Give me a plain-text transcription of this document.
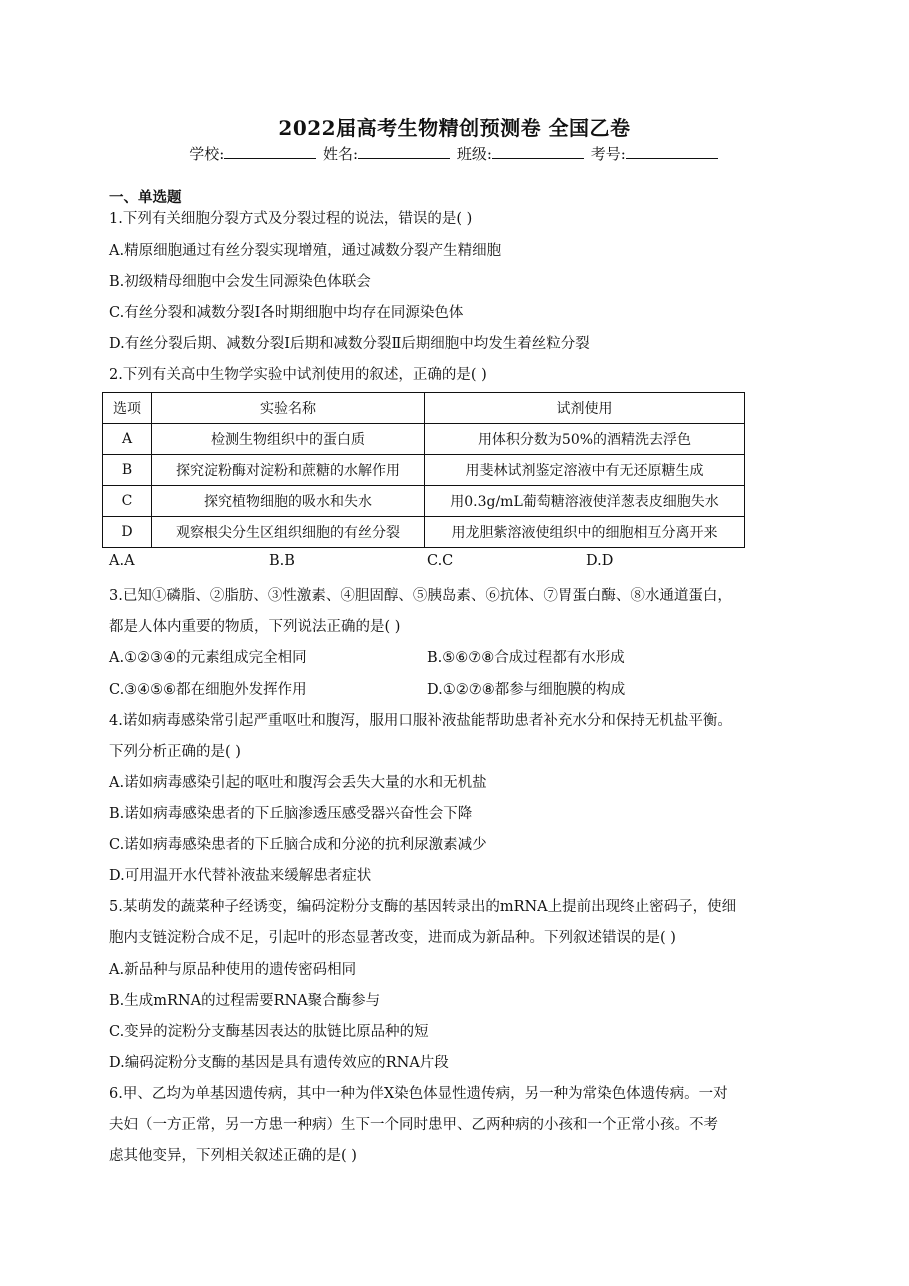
2022届高考生物精创预测卷 全国乙卷
学校:	姓名:	班级:	考号:
一、单选题
1.下列有关细胞分裂方式及分裂过程的说法，错误的是( )
A.精原细胞通过有丝分裂实现增殖，通过减数分裂产生精细胞
B.初级精母细胞中会发生同源染色体联会
C.有丝分裂和减数分裂Ⅰ各时期细胞中均存在同源染色体
D.有丝分裂后期、减数分裂Ⅰ后期和减数分裂Ⅱ后期细胞中均发生着丝粒分裂
2.下列有关高中生物学实验中试剂使用的叙述，正确的是( )
选项	实验名称	试剂使用
A	检测生物组织中的蛋白质	用体积分数为50%的酒精洗去浮色
B	探究淀粉酶对淀粉和蔗糖的水解作用	用斐林试剂鉴定溶液中有无还原糖生成
C	探究植物细胞的吸水和失水	用0.3g/mL葡萄糖溶液使洋葱表皮细胞失水
D	观察根尖分生区组织细胞的有丝分裂	用龙胆紫溶液使组织中的细胞相互分离开来
A.A	B.B	C.C	D.D
3.已知①磷脂、②脂肪、③性激素、④胆固醇、⑤胰岛素、⑥抗体、⑦胃蛋白酶、⑧水通道蛋白，
都是人体内重要的物质，下列说法正确的是( )
A.①②③④的元素组成完全相同	B.⑤⑥⑦⑧合成过程都有水形成
C.③④⑤⑥都在细胞外发挥作用	D.①②⑦⑧都参与细胞膜的构成
4.诺如病毒感染常引起严重呕吐和腹泻，服用口服补液盐能帮助患者补充水分和保持无机盐平衡。
下列分析正确的是( )
A.诺如病毒感染引起的呕吐和腹泻会丢失大量的水和无机盐
B.诺如病毒感染患者的下丘脑渗透压感受器兴奋性会下降
C.诺如病毒感染患者的下丘脑合成和分泌的抗利尿激素减少
D.可用温开水代替补液盐来缓解患者症状
5.某萌发的蔬菜种子经诱变，编码淀粉分支酶的基因转录出的mRNA上提前出现终止密码子，使细
胞内支链淀粉合成不足，引起叶的形态显著改变，进而成为新品种。下列叙述错误的是( )
A.新品种与原品种使用的遗传密码相同
B.生成mRNA的过程需要RNA聚合酶参与
C.变异的淀粉分支酶基因表达的肽链比原品种的短
D.编码淀粉分支酶的基因是具有遗传效应的RNA片段
6.甲、乙均为单基因遗传病，其中一种为伴X染色体显性遗传病，另一种为常染色体遗传病。一对
夫妇（一方正常，另一方患一种病）生下一个同时患甲、乙两种病的小孩和一个正常小孩。不考
虑其他变异，下列相关叙述正确的是( )
